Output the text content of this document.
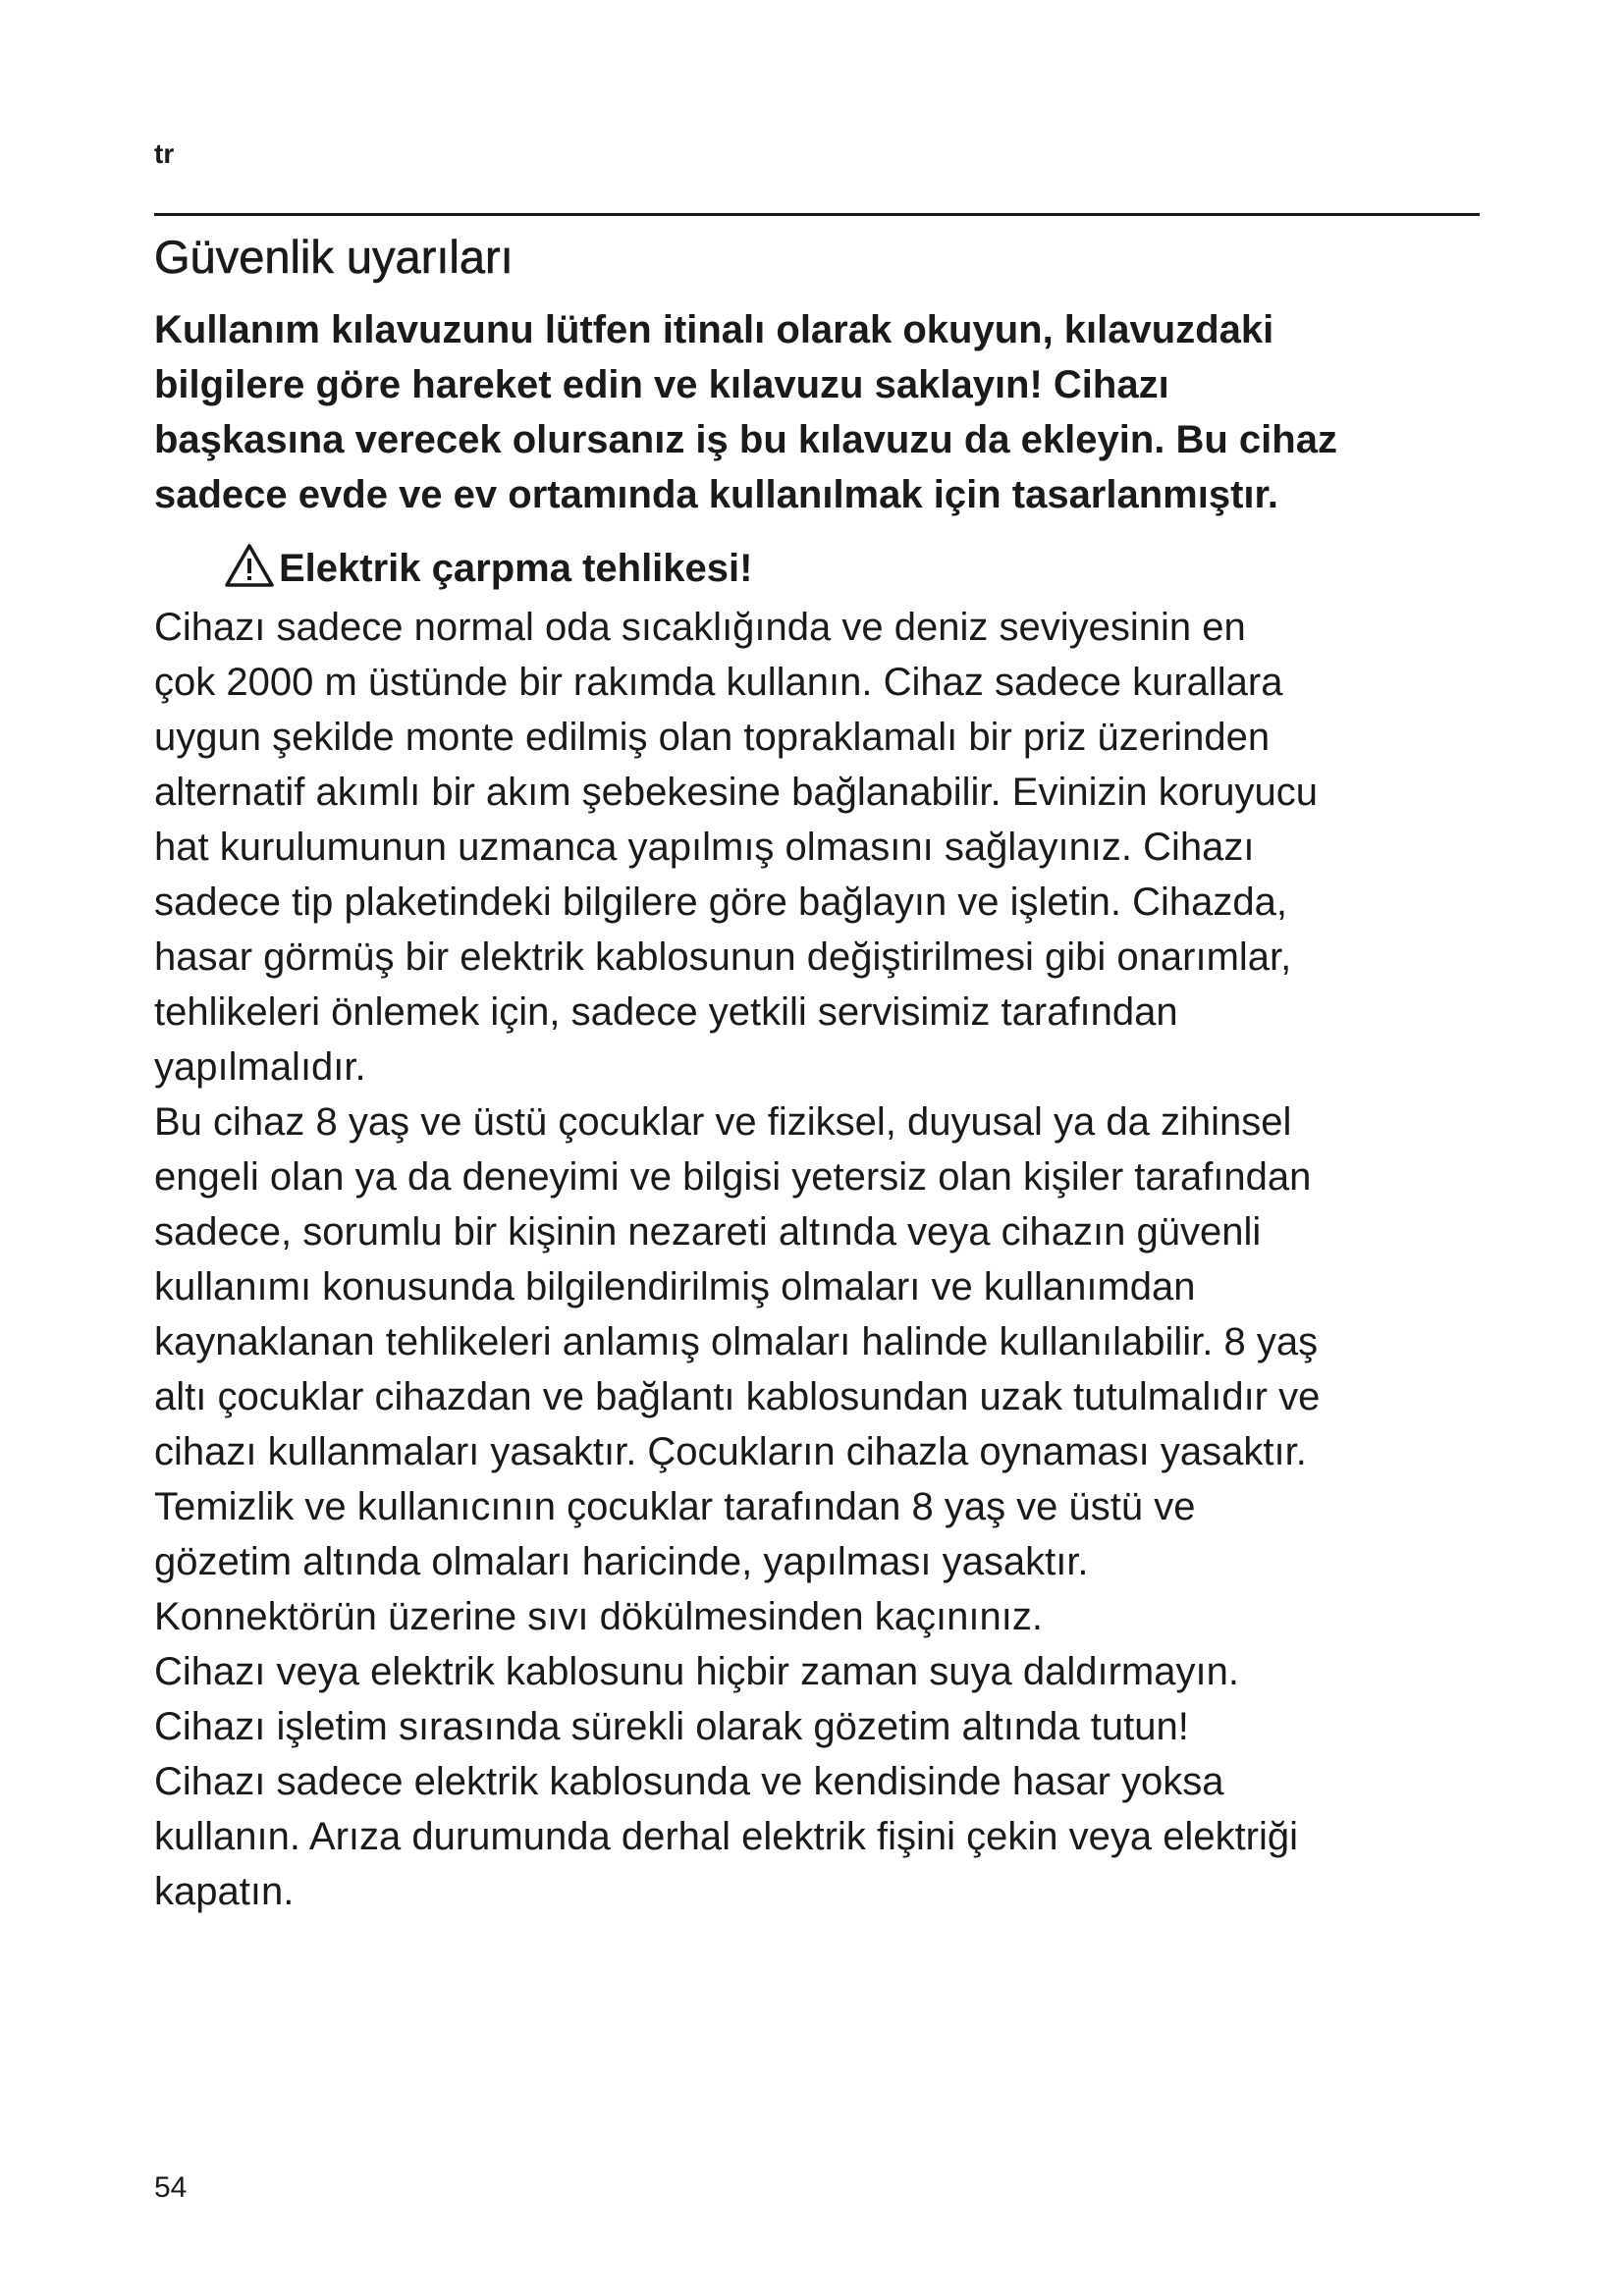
tr
Güvenlik uyarıları
Kullanım kılavuzunu lütfen itinalı olarak okuyun, kılavuzdaki
bilgilere göre hareket edin ve kılavuzu saklayın! Cihazı
başkasına verecek olursanız iş bu kılavuzu da ekleyin. Bu cihaz
sadece evde ve ev ortamında kullanılmak için tasarlanmıştır.
Elektrik çarpma tehlikesi!
Cihazı sadece normal oda sıcaklığında ve deniz seviyesinin en
çok 2000 m üstünde bir rakımda kullanın. Cihaz sadece kurallara
uygun şekilde monte edilmiş olan topraklamalı bir priz üzerinden
alternatif akımlı bir akım şebekesine bağlanabilir. Evinizin koruyucu
hat kurulumunun uzmanca yapılmış olmasını sağlayınız. Cihazı
sadece tip plaketindeki bilgilere göre bağlayın ve işletin. Cihazda,
hasar görmüş bir elektrik kablosunun değiştirilmesi gibi onarımlar,
tehlikeleri önlemek için, sadece yetkili servisimiz tarafından
yapılmalıdır.
Bu cihaz 8 yaş ve üstü çocuklar ve fiziksel, duyusal ya da zihinsel
engeli olan ya da deneyimi ve bilgisi yetersiz olan kişiler tarafından
sadece, sorumlu bir kişinin nezareti altında veya cihazın güvenli
kullanımı konusunda bilgilendirilmiş olmaları ve kullanımdan
kaynaklanan tehlikeleri anlamış olmaları halinde kullanılabilir. 8 yaş
altı çocuklar cihazdan ve bağlantı kablosundan uzak tutulmalıdır ve
cihazı kullanmaları yasaktır. Çocukların cihazla oynaması yasaktır.
Temizlik ve kullanıcının çocuklar tarafından 8 yaş ve üstü ve
gözetim altında olmaları haricinde, yapılması yasaktır.
Konnektörün üzerine sıvı dökülmesinden kaçınınız.
Cihazı veya elektrik kablosunu hiçbir zaman suya daldırmayın.
Cihazı işletim sırasında sürekli olarak gözetim altında tutun!
Cihazı sadece elektrik kablosunda ve kendisinde hasar yoksa
kullanın. Arıza durumunda derhal elektrik fişini çekin veya elektriği
kapatın.
54
